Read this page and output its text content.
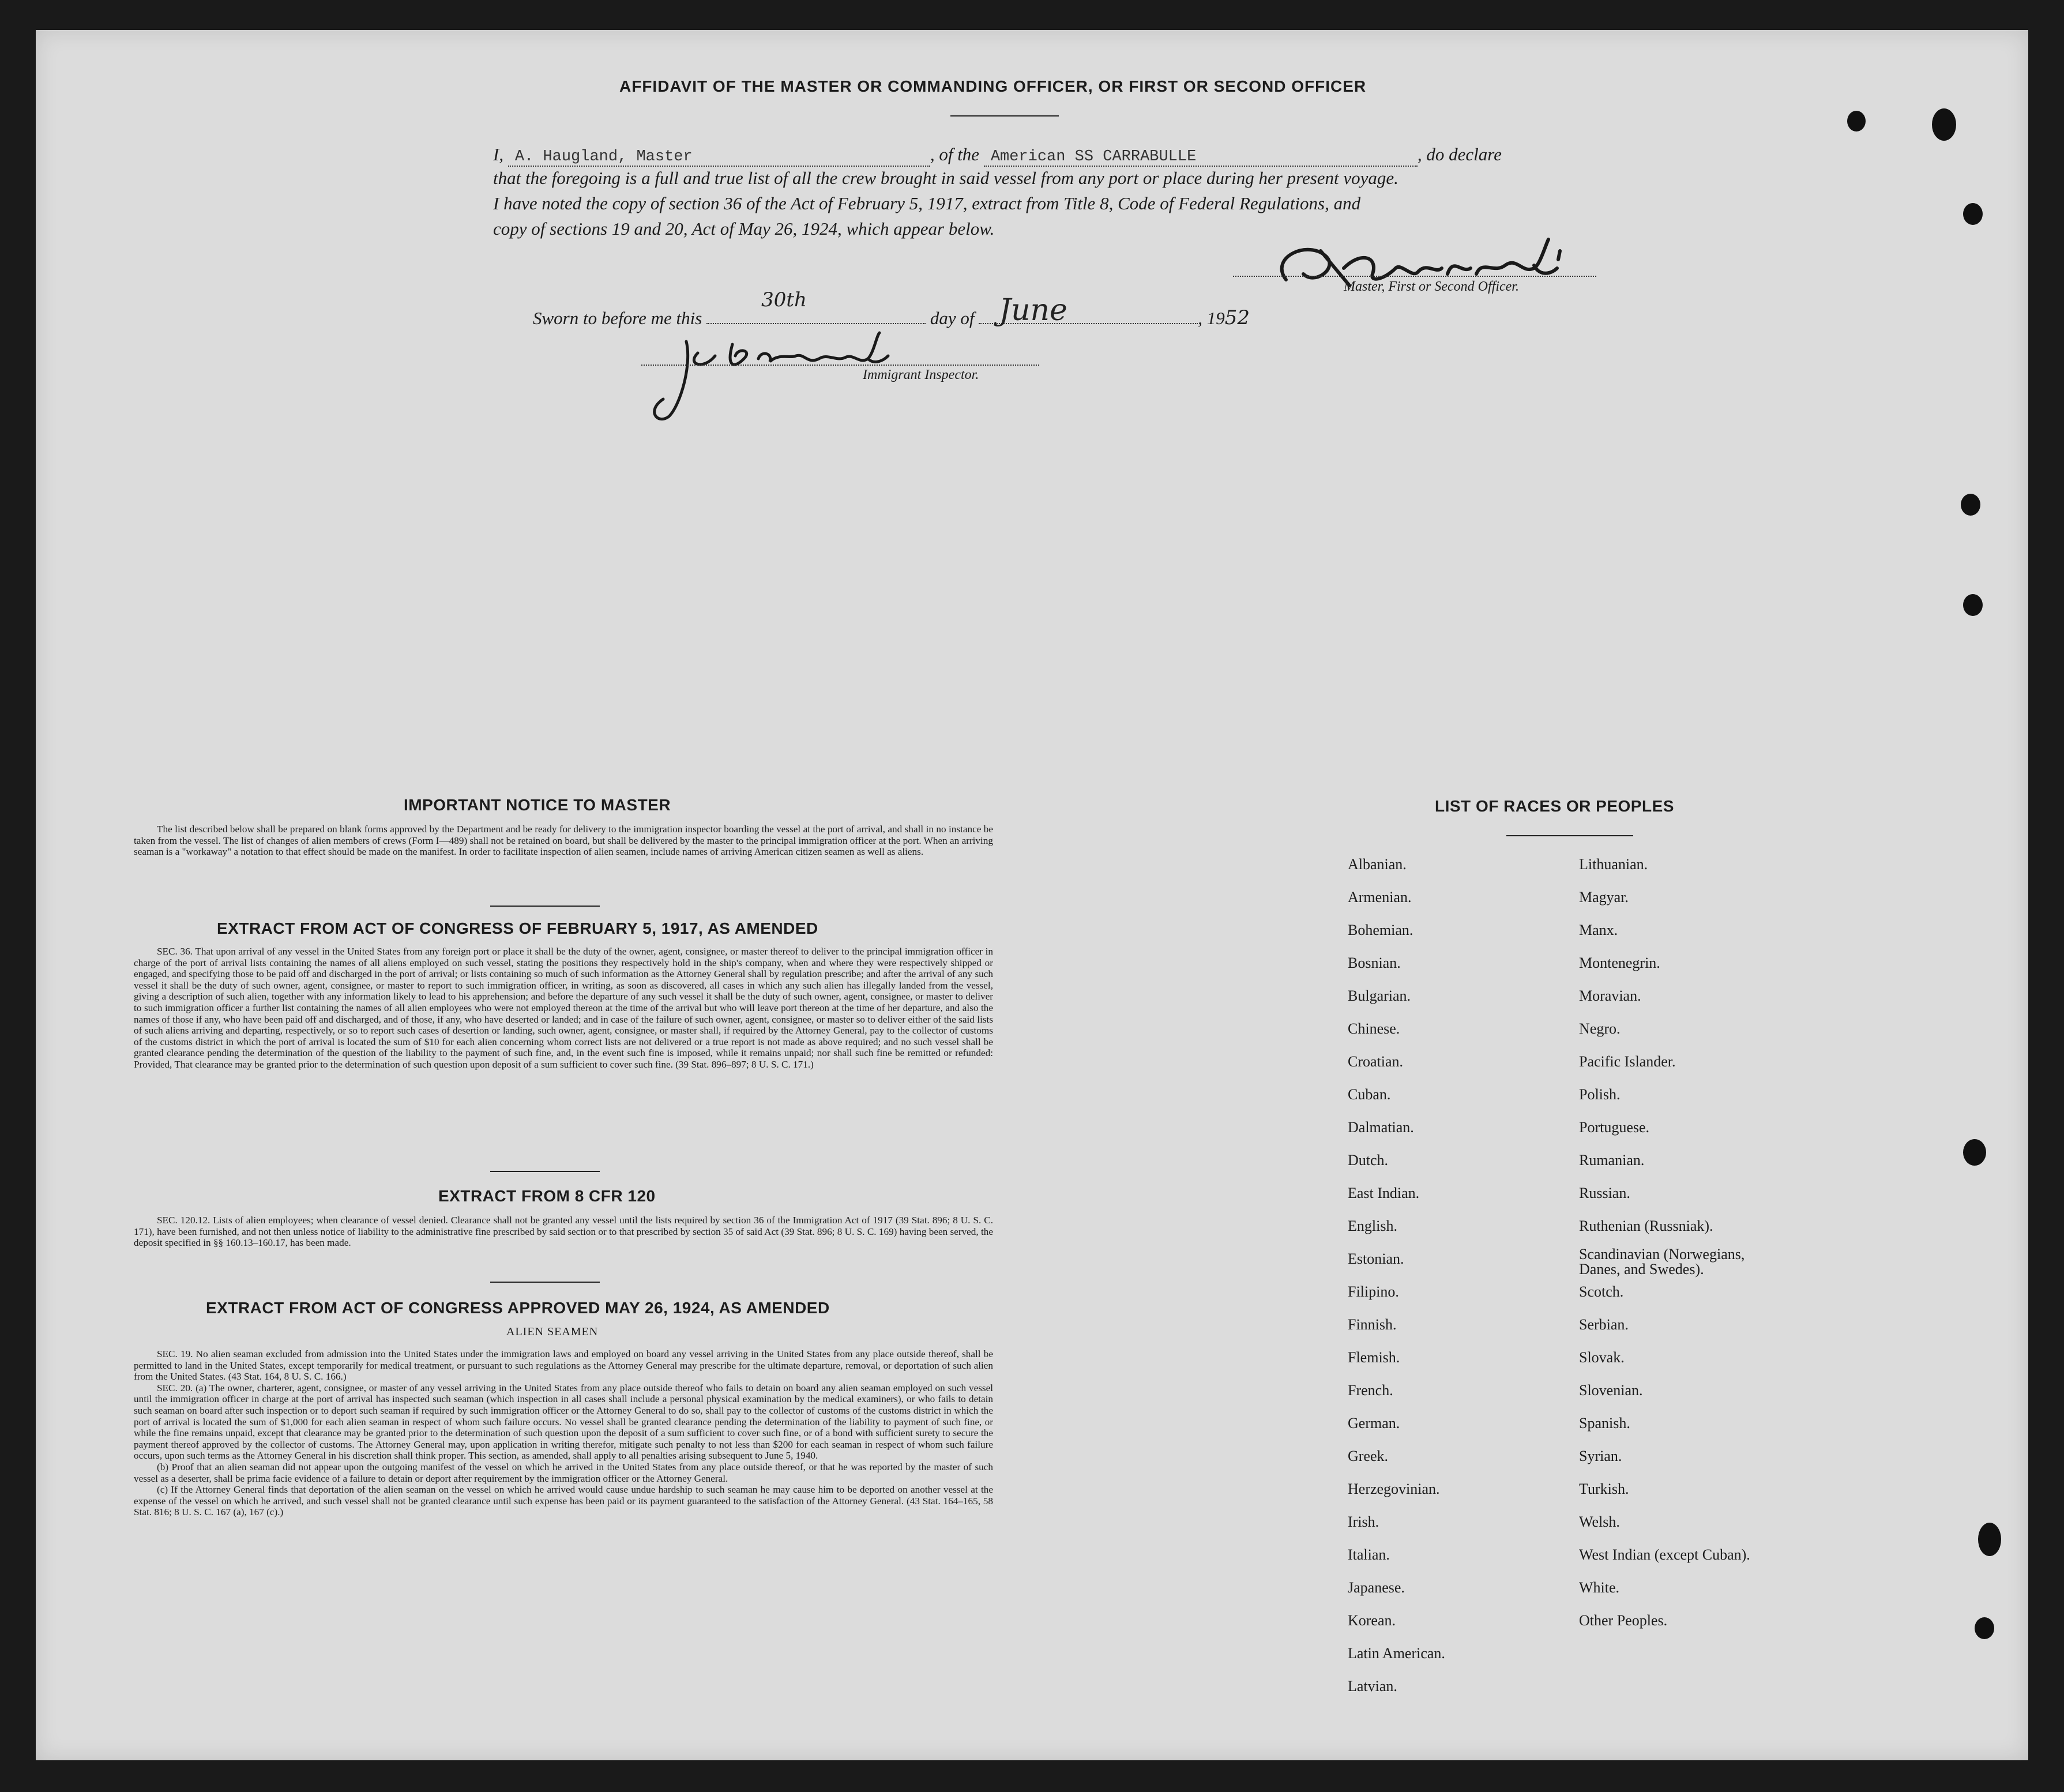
AFFIDAVIT OF THE MASTER OR COMMANDING OFFICER, OR FIRST OR SECOND OFFICER
I, A. Haugland, Master	, of the American SS CARRABULLE	, do declare
that the foregoing is a full and true list of all the crew brought in said vessel from any port or place during her present voyage.
I have noted the copy of section 36 of the Act of February 5, 1917, extract from Title 8, Code of Federal Regulations, and
copy of sections 19 and 20, Act of May 26, 1924, which appear below.
Master, First or Second Officer.
Sworn to before me this
30th
day of June	, 1952
Immigrant Inspector.
IMPORTANT NOTICE TO MASTER

The list described below shall be prepared on blank forms approved by the Department and be ready for delivery to the immigration inspector boarding the vessel at the port of arrival, and shall in no instance be taken from the vessel. The list of changes of alien members of crews (Form I—489) shall not be retained on board, but shall be delivered by the master to the principal immigration officer at the port. When an arriving seaman is a "workaway" a notation to that effect should be made on the manifest. In order to facilitate inspection of alien seamen, include names of arriving American citizen seamen as well as aliens.

EXTRACT FROM ACT OF CONGRESS OF FEBRUARY 5, 1917, AS AMENDED

SEC. 36. That upon arrival of any vessel in the United States from any foreign port or place it shall be the duty of the owner, agent, consignee, or master thereof to deliver to the principal immigration officer in charge of the port of arrival lists containing the names of all aliens employed on such vessel, stating the positions they respectively hold in the ship's company, when and where they were respectively shipped or engaged, and specifying those to be paid off and discharged in the port of arrival; or lists containing so much of such information as the Attorney General shall by regulation prescribe; and after the arrival of any such vessel it shall be the duty of such owner, agent, consignee, or master to report to such immigration officer, in writing, as soon as discovered, all cases in which any such alien has illegally landed from the vessel, giving a description of such alien, together with any information likely to lead to his apprehension; and before the departure of any such vessel it shall be the duty of such owner, agent, consignee, or master to deliver to such immigration officer a further list containing the names of all alien employees who were not employed thereon at the time of the arrival but who will leave port thereon at the time of her departure, and also the names of those if any, who have been paid off and discharged, and of those, if any, who have deserted or landed; and in case of the failure of such owner, agent, consignee, or master so to deliver either of the said lists of such aliens arriving and departing, respectively, or so to report such cases of desertion or landing, such owner, agent, consignee, or master shall, if required by the Attorney General, pay to the collector of customs of the customs district in which the port of arrival is located the sum of $10 for each alien concerning whom correct lists are not delivered or a true report is not made as above required; and no such vessel shall be granted clearance pending the determination of the question of the liability to the payment of such fine, and, in the event such fine is imposed, while it remains unpaid; nor shall such fine be remitted or refunded: Provided, That clearance may be granted prior to the determination of such question upon deposit of a sum sufficient to cover such fine. (39 Stat. 896–897; 8 U. S. C. 171.)

EXTRACT FROM 8 CFR 120

SEC. 120.12. Lists of alien employees; when clearance of vessel denied. Clearance shall not be granted any vessel until the lists required by section 36 of the Immigration Act of 1917 (39 Stat. 896; 8 U. S. C. 171), have been furnished, and not then unless notice of liability to the administrative fine prescribed by said section or to that prescribed by section 35 of said Act (39 Stat. 896; 8 U. S. C. 169) having been served, the deposit specified in §§ 160.13–160.17, has been made.

EXTRACT FROM ACT OF CONGRESS APPROVED MAY 26, 1924, AS AMENDED
ALIEN SEAMEN

SEC. 19. No alien seaman excluded from admission into the United States under the immigration laws and employed on board any vessel arriving in the United States from any place outside thereof, shall be permitted to land in the United States, except temporarily for medical treatment, or pursuant to such regulations as the Attorney General may prescribe for the ultimate departure, removal, or deportation of such alien from the United States. (43 Stat. 164, 8 U. S. C. 166.)

SEC. 20. (a) The owner, charterer, agent, consignee, or master of any vessel arriving in the United States from any place outside thereof who fails to detain on board any alien seaman employed on such vessel until the immigration officer in charge at the port of arrival has inspected such seaman (which inspection in all cases shall include a personal physical examination by the medical examiners), or who fails to detain such seaman on board after such inspection or to deport such seaman if required by such immigration officer or the Attorney General to do so, shall pay to the collector of customs of the customs district in which the port of arrival is located the sum of $1,000 for each alien seaman in respect of whom such failure occurs. No vessel shall be granted clearance pending the determination of the liability to payment of such fine, or while the fine remains unpaid, except that clearance may be granted prior to the determination of such question upon the deposit of a sum sufficient to cover such fine, or of a bond with sufficient surety to secure the payment thereof approved by the collector of customs. The Attorney General may, upon application in writing therefor, mitigate such penalty to not less than $200 for each seaman in respect of whom such failure occurs, upon such terms as the Attorney General in his discretion shall think proper. This section, as amended, shall apply to all penalties arising subsequent to June 5, 1940.

(b) Proof that an alien seaman did not appear upon the outgoing manifest of the vessel on which he arrived in the United States from any place outside thereof, or that he was reported by the master of such vessel as a deserter, shall be prima facie evidence of a failure to detain or deport after requirement by the immigration officer or the Attorney General.

(c) If the Attorney General finds that deportation of the alien seaman on the vessel on which he arrived would cause undue hardship to such seaman he may cause him to be deported on another vessel at the expense of the vessel on which he arrived, and such vessel shall not be granted clearance until such expense has been paid or its payment guaranteed to the satisfaction of the Attorney General. (43 Stat. 164–165, 58 Stat. 816; 8 U. S. C. 167 (a), 167 (c).)

LIST OF RACES OR PEOPLES
Albanian.
Armenian.
Bohemian.
Bosnian.
Bulgarian.
Chinese.
Croatian.
Cuban.
Dalmatian.
Dutch.
East Indian.
English.
Estonian.
Filipino.
Finnish.
Flemish.
French.
German.
Greek.
Herzegovinian.
Irish.
Italian.
Japanese.
Korean.
Latin American.
Latvian.
Lithuanian.
Magyar.
Manx.
Montenegrin.
Moravian.
Negro.
Pacific Islander.
Polish.
Portuguese.
Rumanian.
Russian.
Ruthenian (Russniak).
Scandinavian (Norwegians, Danes, and Swedes).
Scotch.
Serbian.
Slovak.
Slovenian.
Spanish.
Syrian.
Turkish.
Welsh.
West Indian (except Cuban).
White.
Other Peoples.
